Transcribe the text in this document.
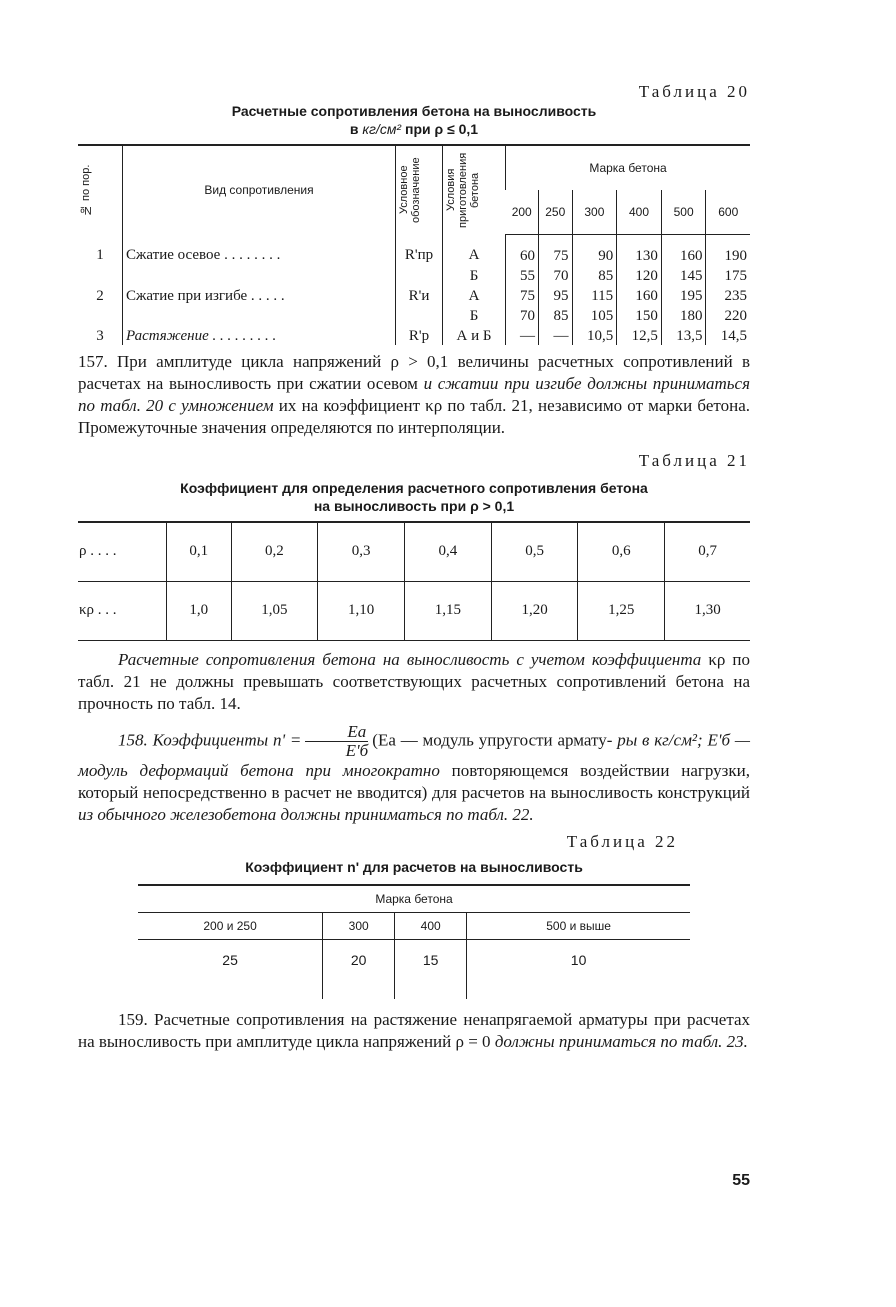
Таблица 20
Расчетные сопротивления бетона на выносливость
в кг/см² при ρ ≤ 0,1
№ по пор.	Вид сопротивления	Условное обозначение	Условия приготовления бетона	Марка бетона					
				200	250	300	400	500	600
1	Сжатие осевое . . . . . . . .	R'пр	А	60	75	90	130	160	190
			Б	55	70	85	120	145	175
2	Сжатие при изгибе . . . . .	R'и	А	75	95	115	160	195	235
			Б	70	85	105	150	180	220
3	Растяжение . . . . . . . . .	R'р	А и Б	—	—	10,5	12,5	13,5	14,5

157. При амплитуде цикла напряжений ρ > 0,1 величины расчетных сопротивлений в расчетах на выносливость при сжатии осевом и сжатии при изгибе должны приниматься по табл. 20 с умножением их на коэффициент κρ по табл. 21, независимо от марки бетона. Промежуточные значения определяются по интерполяции.

Таблица 21
Коэффициент для определения расчетного сопротивления бетона
на выносливость при ρ > 0,1
ρ . . . .	0,1	0,2	0,3	0,4	0,5	0,6	0,7
κρ . . .	1,0	1,05	1,10	1,15	1,20	1,25	1,30

Расчетные сопротивления бетона на выносливость с учетом коэффициента κρ по табл. 21 не должны превышать соответствующих расчетных сопротивлений бетона на прочность по табл. 14.

158. Коэффициенты $n' = \frac{Eа}{E'б} (Eа$ — модуль упругости армату- ры в кг/см²; E'б — модуль деформаций бетона при многократно повторяющемся воздействии нагрузки, который непосредственно в расчет не вводится) для расчетов на выносливость конструкций из обычного железобетона должны приниматься по табл. 22.

Таблица 22
Коэффициент n' для расчетов на выносливость
Марка бетона			
200 и 250	300	400	500 и выше
25	20	15	10

159. Расчетные сопротивления на растяжение ненапрягаемой арматуры при расчетах на выносливость при амплитуде цикла напряжений ρ = 0 должны приниматься по табл. 23.

55
